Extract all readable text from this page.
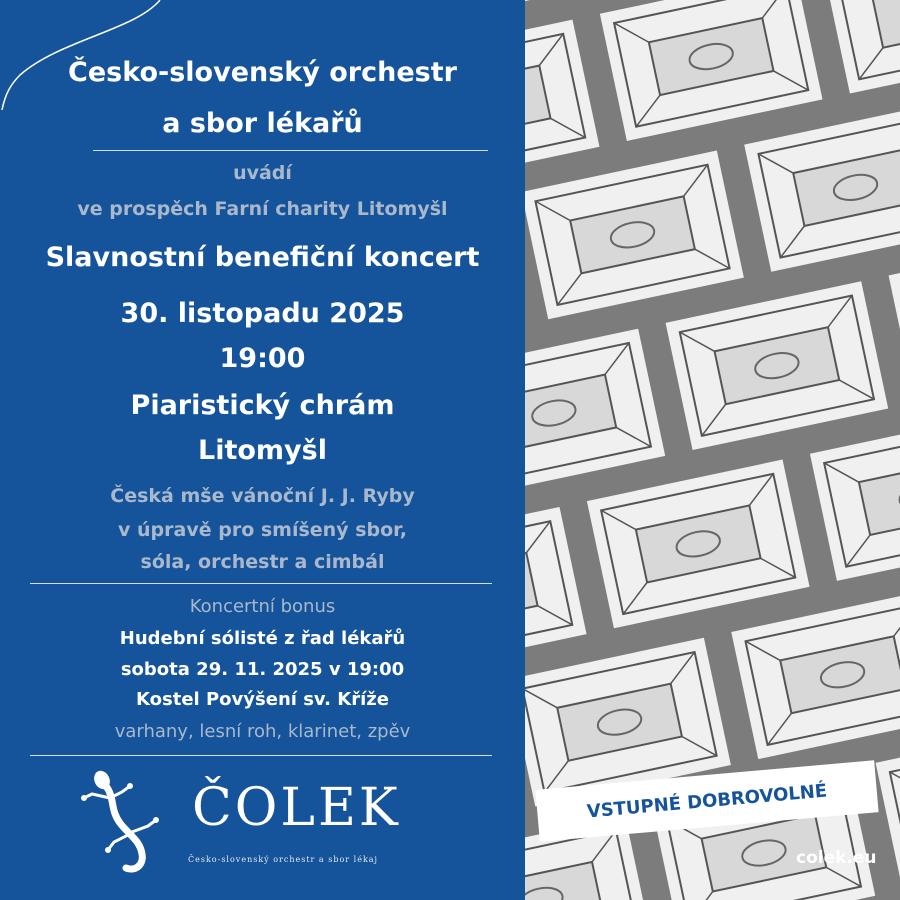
Česko-slovenský orchestr
a sbor lékařů
uvádí
ve prospěch Farní charity Litomyšl
Slavnostní benefiční koncert
30. listopadu 2025
19:00
Piaristický chrám
Litomyšl
Česká mše vánoční J. J. Ryby
v úpravě pro smíšený sbor,
sóla, orchestr a cimbál
Koncertní bonus
Hudební sólisté z řad lékařů
sobota 29. 11. 2025 v 19:00
Kostel Povýšení sv. Kříže
varhany, lesní roh, klarinet, zpěv
ČOLEK
Česko-slovenský orchestr a sbor lékaj
VSTUPNÉ DOBROVOLNÉ
colek.eu
